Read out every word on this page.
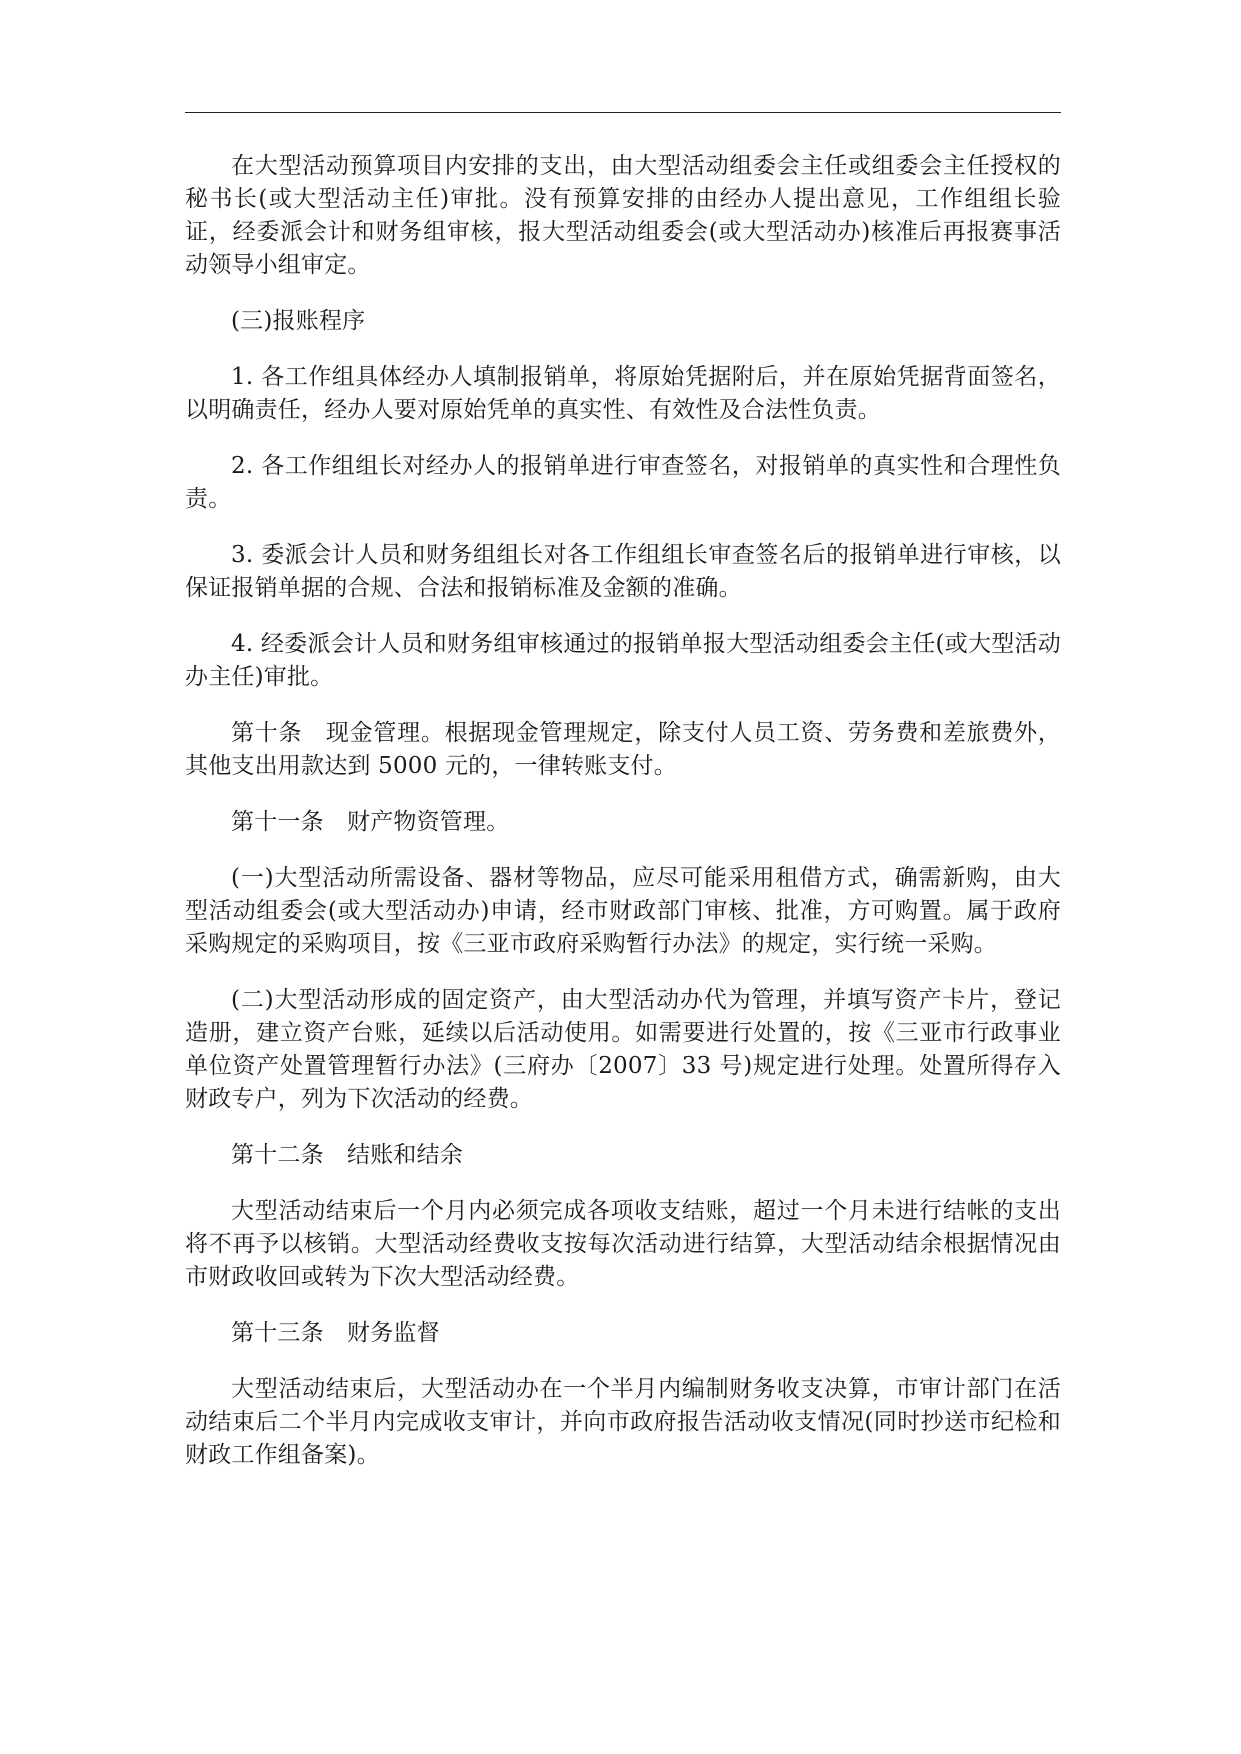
在大型活动预算项目内安排的支出，由大型活动组委会主任或组委会主任授权的秘书长(或大型活动主任)审批。没有预算安排的由经办人提出意见，工作组组长验证，经委派会计和财务组审核，报大型活动组委会(或大型活动办)核准后再报赛事活动领导小组审定。

(三)报账程序

1. 各工作组具体经办人填制报销单，将原始凭据附后，并在原始凭据背面签名，以明确责任，经办人要对原始凭单的真实性、有效性及合法性负责。

2. 各工作组组长对经办人的报销单进行审查签名，对报销单的真实性和合理性负责。

3. 委派会计人员和财务组组长对各工作组组长审查签名后的报销单进行审核，以保证报销单据的合规、合法和报销标准及金额的准确。

4. 经委派会计人员和财务组审核通过的报销单报大型活动组委会主任(或大型活动办主任)审批。

第十条　现金管理。根据现金管理规定，除支付人员工资、劳务费和差旅费外，其他支出用款达到 5000 元的，一律转账支付。

第十一条　财产物资管理。

(一)大型活动所需设备、器材等物品，应尽可能采用租借方式，确需新购，由大型活动组委会(或大型活动办)申请，经市财政部门审核、批准，方可购置。属于政府采购规定的采购项目，按《三亚市政府采购暂行办法》的规定，实行统一采购。

(二)大型活动形成的固定资产，由大型活动办代为管理，并填写资产卡片，登记造册，建立资产台账，延续以后活动使用。如需要进行处置的，按《三亚市行政事业单位资产处置管理暂行办法》(三府办〔2007〕33 号)规定进行处理。处置所得存入财政专户，列为下次活动的经费。

第十二条　结账和结余

大型活动结束后一个月内必须完成各项收支结账，超过一个月未进行结帐的支出将不再予以核销。大型活动经费收支按每次活动进行结算，大型活动结余根据情况由市财政收回或转为下次大型活动经费。

第十三条　财务监督

大型活动结束后，大型活动办在一个半月内编制财务收支决算，市审计部门在活动结束后二个半月内完成收支审计，并向市政府报告活动收支情况(同时抄送市纪检和财政工作组备案)。
